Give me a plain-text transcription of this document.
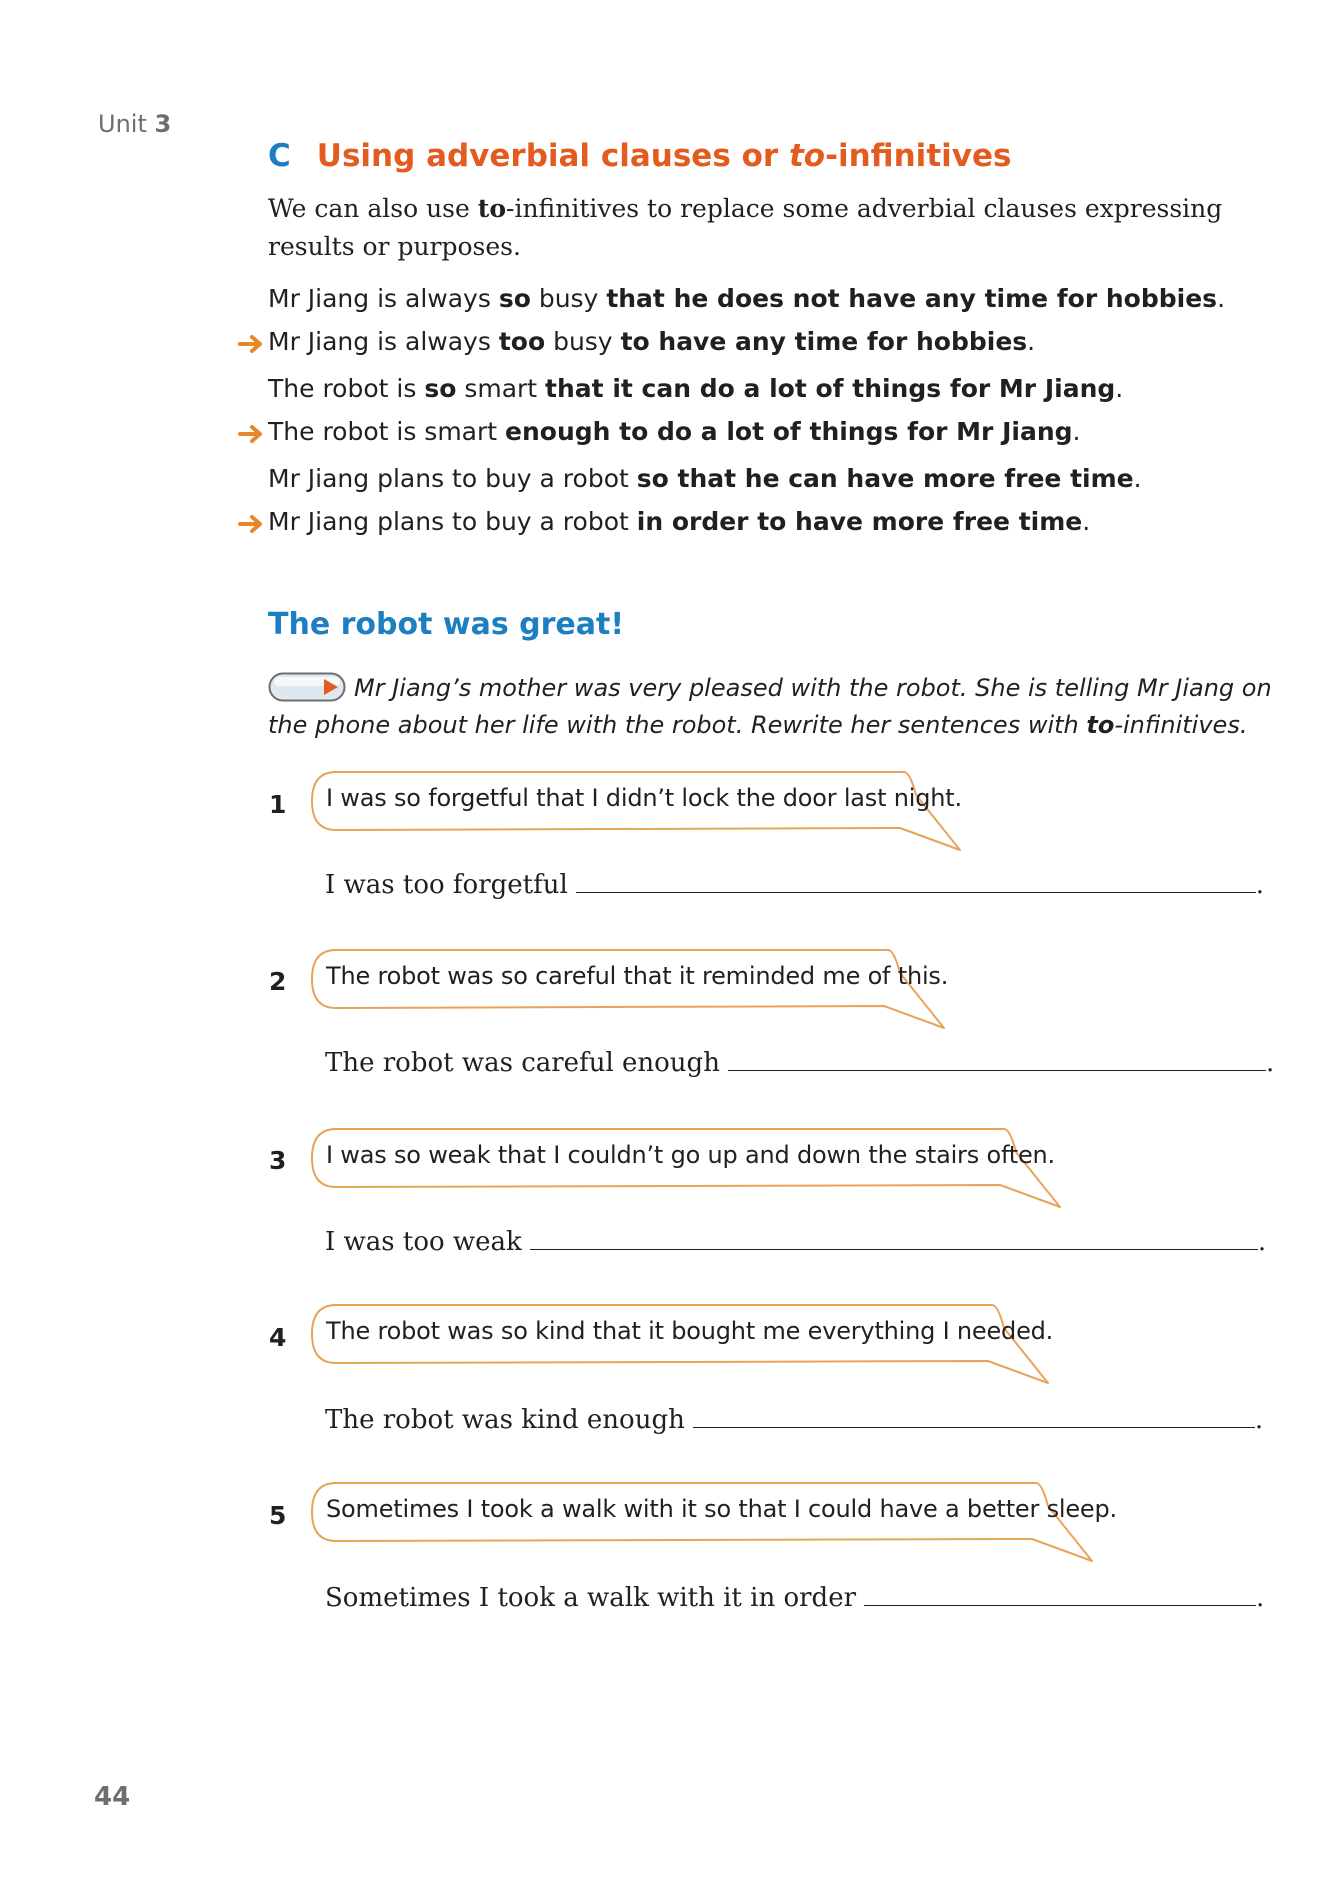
Unit 3
C Using adverbial clauses or to-infinitives
We can also use to-infinitives to replace some adverbial clauses expressing results or purposes.
Mr Jiang is always so busy that he does not have any time for hobbies.
Mr Jiang is always too busy to have any time for hobbies.
The robot is so smart that it can do a lot of things for Mr Jiang.
The robot is smart enough to do a lot of things for Mr Jiang.
Mr Jiang plans to buy a robot so that he can have more free time.
Mr Jiang plans to buy a robot in order to have more free time.
The robot was great!
Mr Jiang’s mother was very pleased with the robot. She is telling Mr Jiang on the phone about her life with the robot. Rewrite her sentences with to-infinitives.
1 I was so forgetful that I didn’t lock the door last night.
I was too forgetful	.
2 The robot was so careful that it reminded me of this.
The robot was careful enough	.
3 I was so weak that I couldn’t go up and down the stairs often.
I was too weak	.
4 The robot was so kind that it bought me everything I needed.
The robot was kind enough	.
5 Sometimes I took a walk with it so that I could have a better sleep.
Sometimes I took a walk with it in order	.
44
